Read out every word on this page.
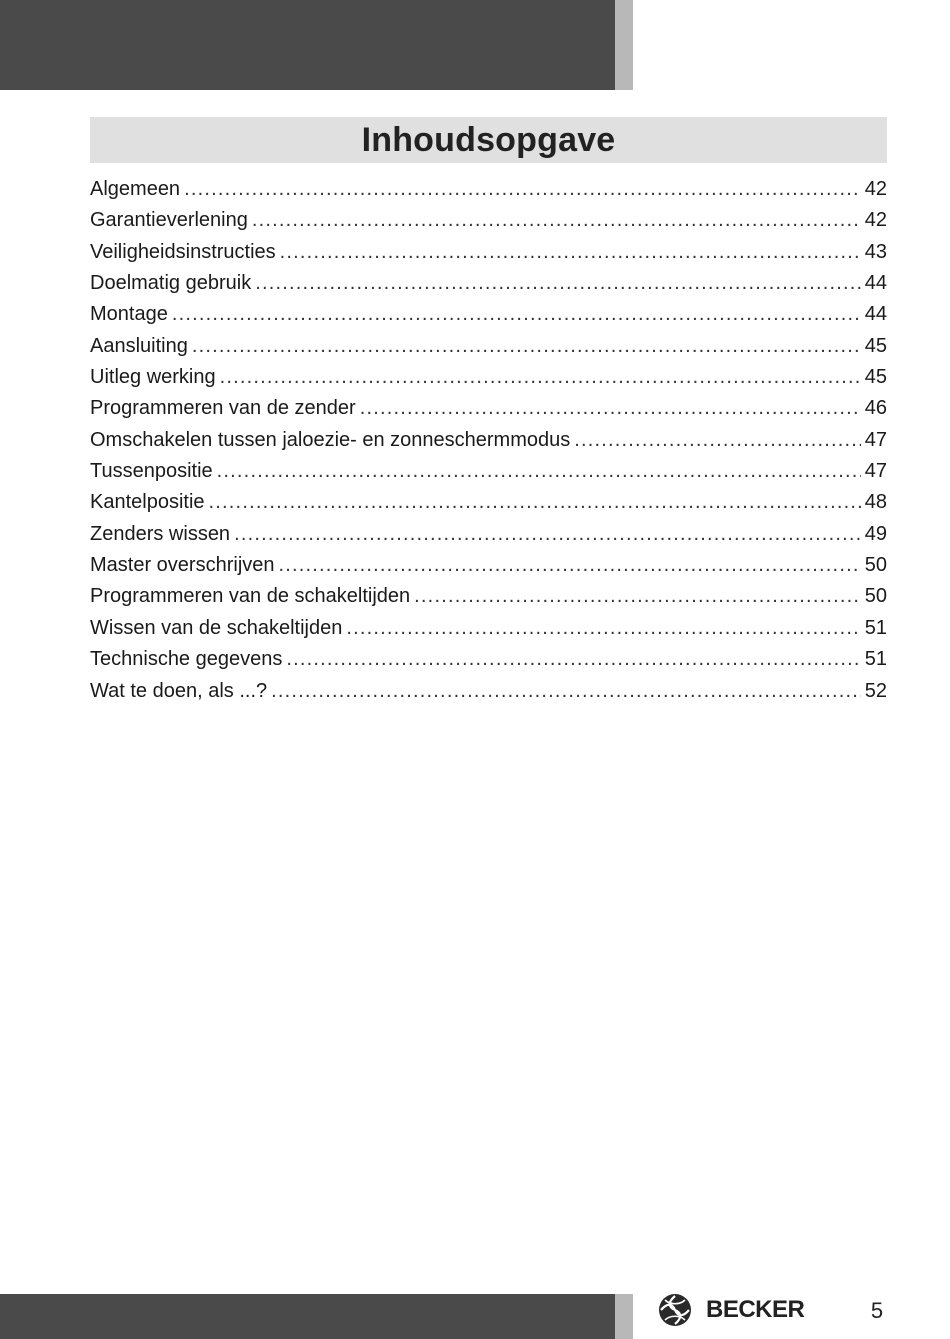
Inhoudsopgave
Algemeen .....	42
Garantieverlening .....	42
Veiligheidsinstructies .....	43
Doelmatig gebruik .....	44
Montage .....	44
Aansluiting .....	45
Uitleg werking .....	45
Programmeren van de zender .....	46
Omschakelen tussen jaloezie- en zonneschermmodus .....	47
Tussenpositie .....	47
Kantelpositie .....	48
Zenders wissen .....	49
Master overschrijven .....	50
Programmeren van de schakeltijden .....	50
Wissen van de schakeltijden .....	51
Technische gegevens .....	51
Wat te doen, als ...? .....	52
BECKER	5
